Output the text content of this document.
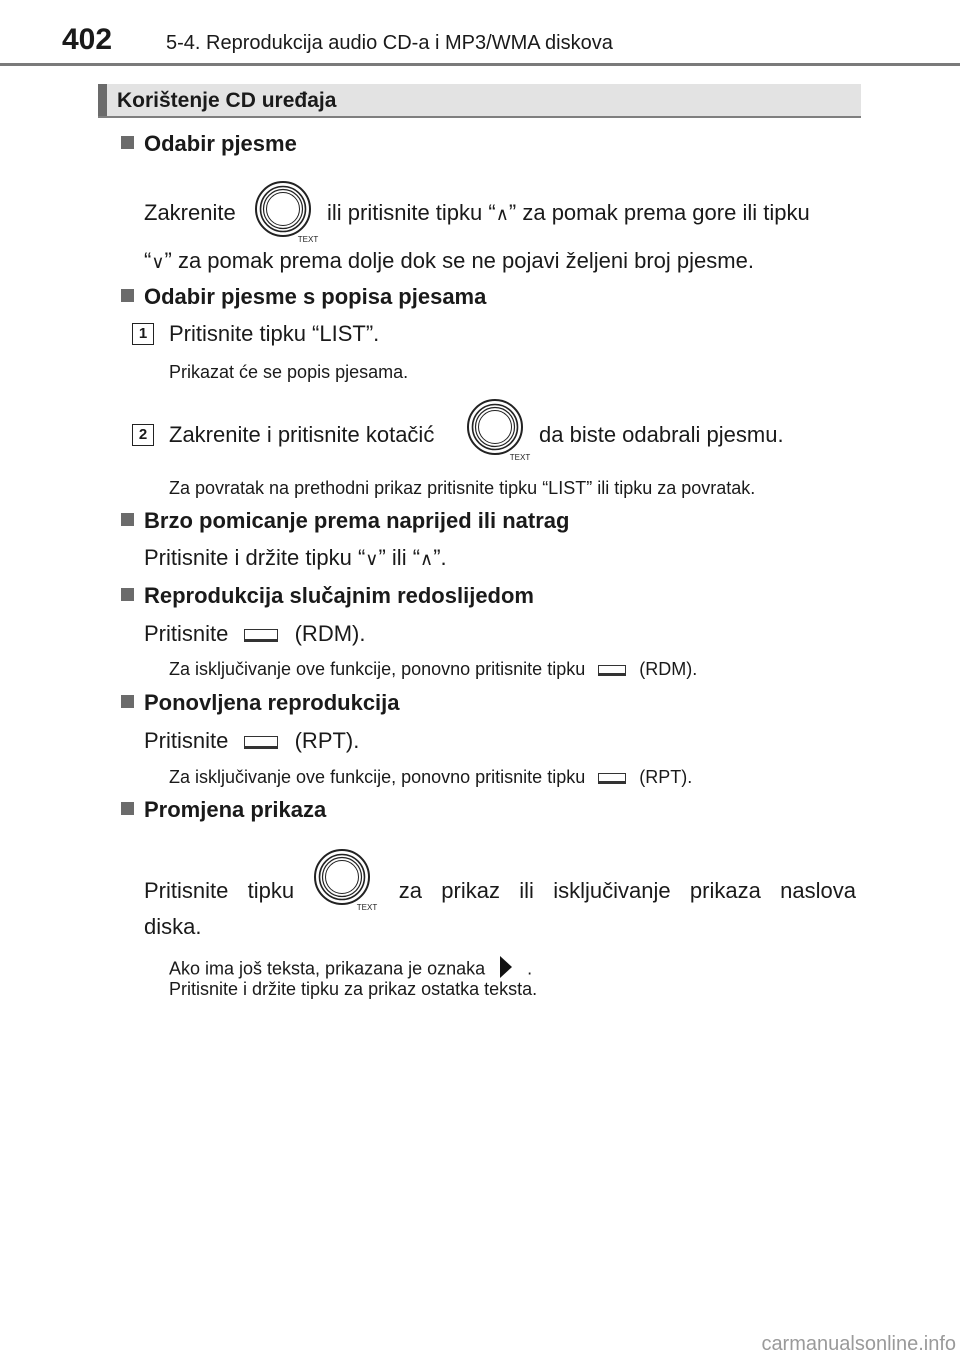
402	5-4. Reprodukcija audio CD-a i MP3/WMA diskova
Korištenje CD uređaja
Odabir pjesme
Zakrenite
TEXT
ili pritisnite tipku “∧” za pomak prema gore ili tipku
“∨” za pomak prema dolje dok se ne pojavi željeni broj pjesme.
Odabir pjesme s popisa pjesama
1 Pritisnite tipku “LIST”.
Prikazat će se popis pjesama.
2 Zakrenite i pritisnite kotačić
TEXT
da biste odabrali pjesmu.
Za povratak na prethodni prikaz pritisnite tipku “LIST” ili tipku za povratak.
Brzo pomicanje prema naprijed ili natrag
Pritisnite i držite tipku “∨” ili “∧”.
Reprodukcija slučajnim redoslijedom
Pritisnite	(RDM).
Za isključivanje ove funkcije, ponovno pritisnite tipku	(RDM).
Ponovljena reprodukcija
Pritisnite	(RPT).
Za isključivanje ove funkcije, ponovno pritisnite tipku	(RPT).
Promjena prikaza
Pritisnite tipku
TEXT
za prikaz ili isključivanje prikaza naslova
diska.
Ako ima još teksta, prikazana je oznaka .
Pritisnite i držite tipku za prikaz ostatka teksta.
carmanualsonline.info
